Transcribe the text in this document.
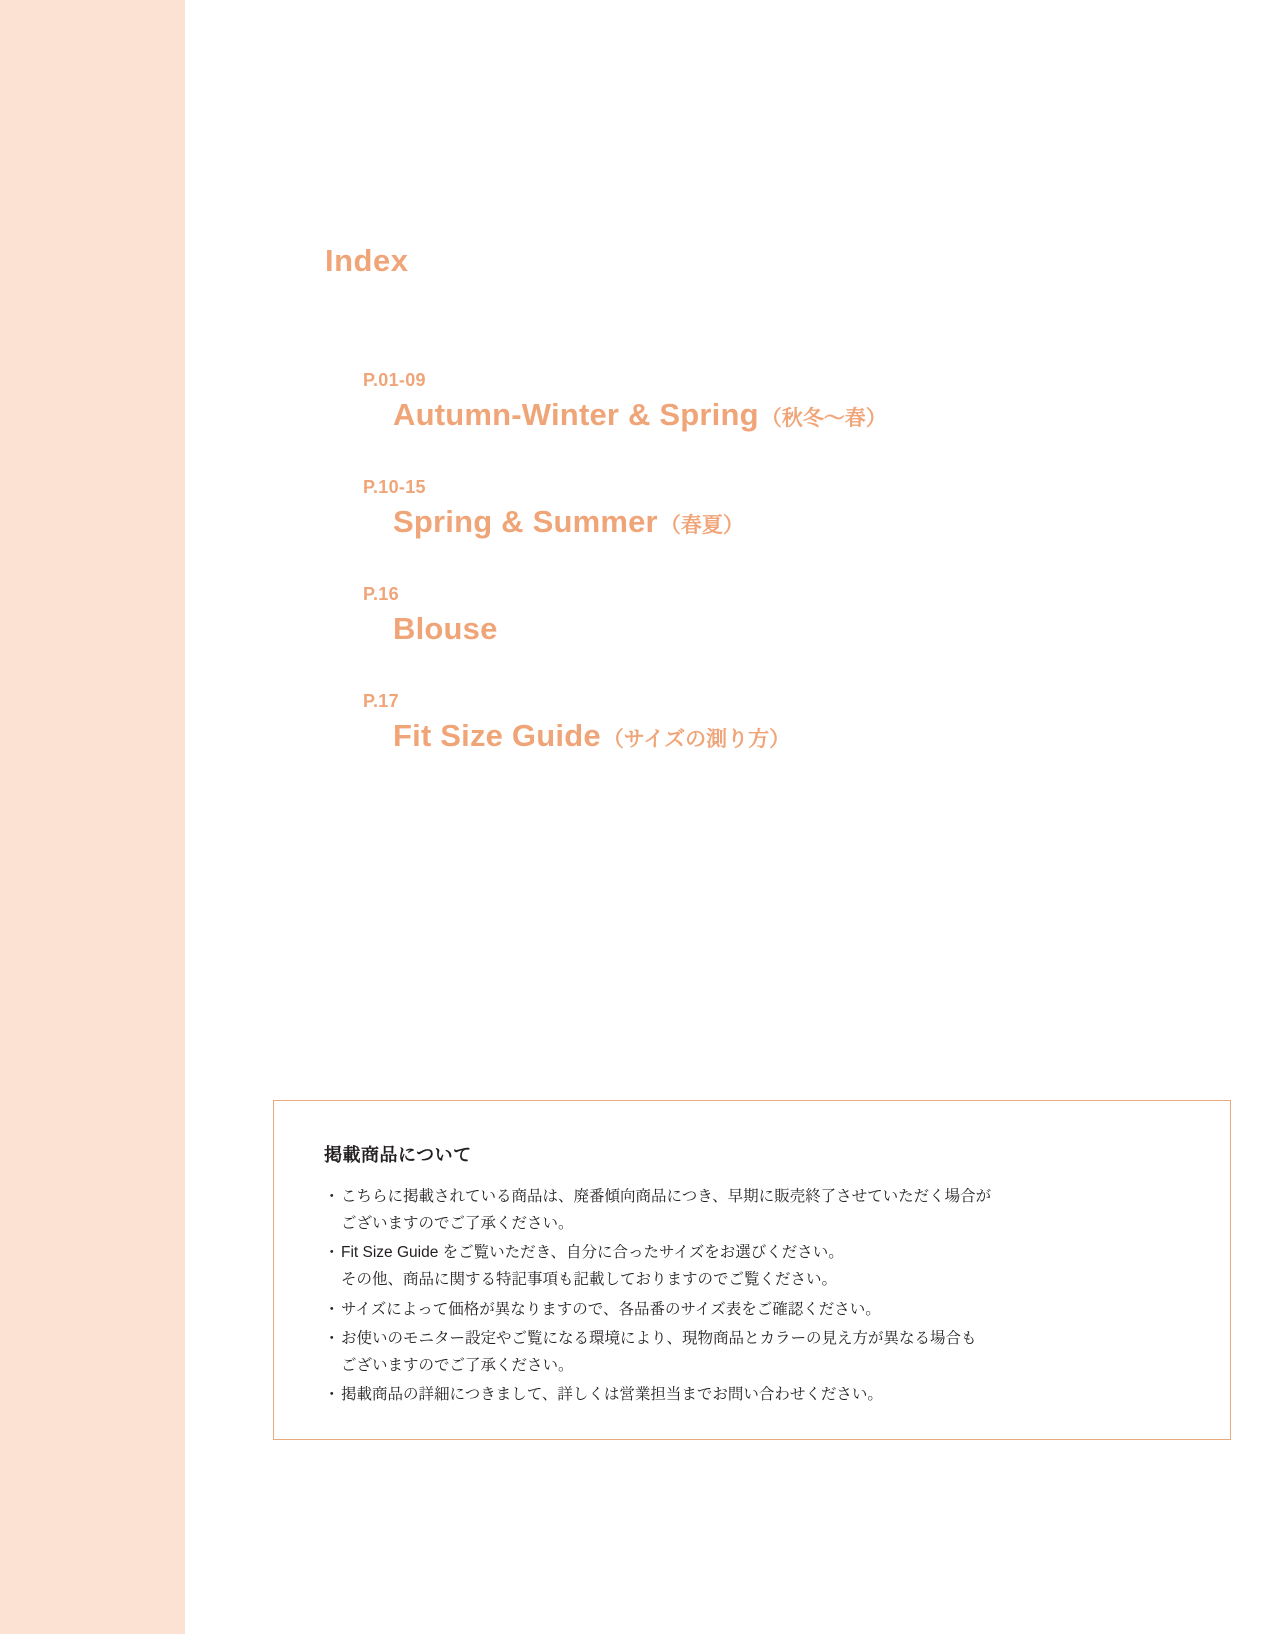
Index
P.01-09
Autumn-Winter & Spring（秋冬〜春）
P.10-15
Spring & Summer（春夏）
P.16
Blouse
P.17
Fit Size Guide（サイズの測り方）
掲載商品について
・ こちらに掲載されている商品は、廃番傾向商品につき、早期に販売終了させていただく場合が
ございますのでご了承ください。
・ Fit Size Guide をご覧いただき、自分に合ったサイズをお選びください。
その他、商品に関する特記事項も記載しておりますのでご覧ください。
・ サイズによって価格が異なりますので、各品番のサイズ表をご確認ください。
・ お使いのモニター設定やご覧になる環境により、現物商品とカラーの見え方が異なる場合も
ございますのでご了承ください。
・ 掲載商品の詳細につきまして、詳しくは営業担当までお問い合わせください。
